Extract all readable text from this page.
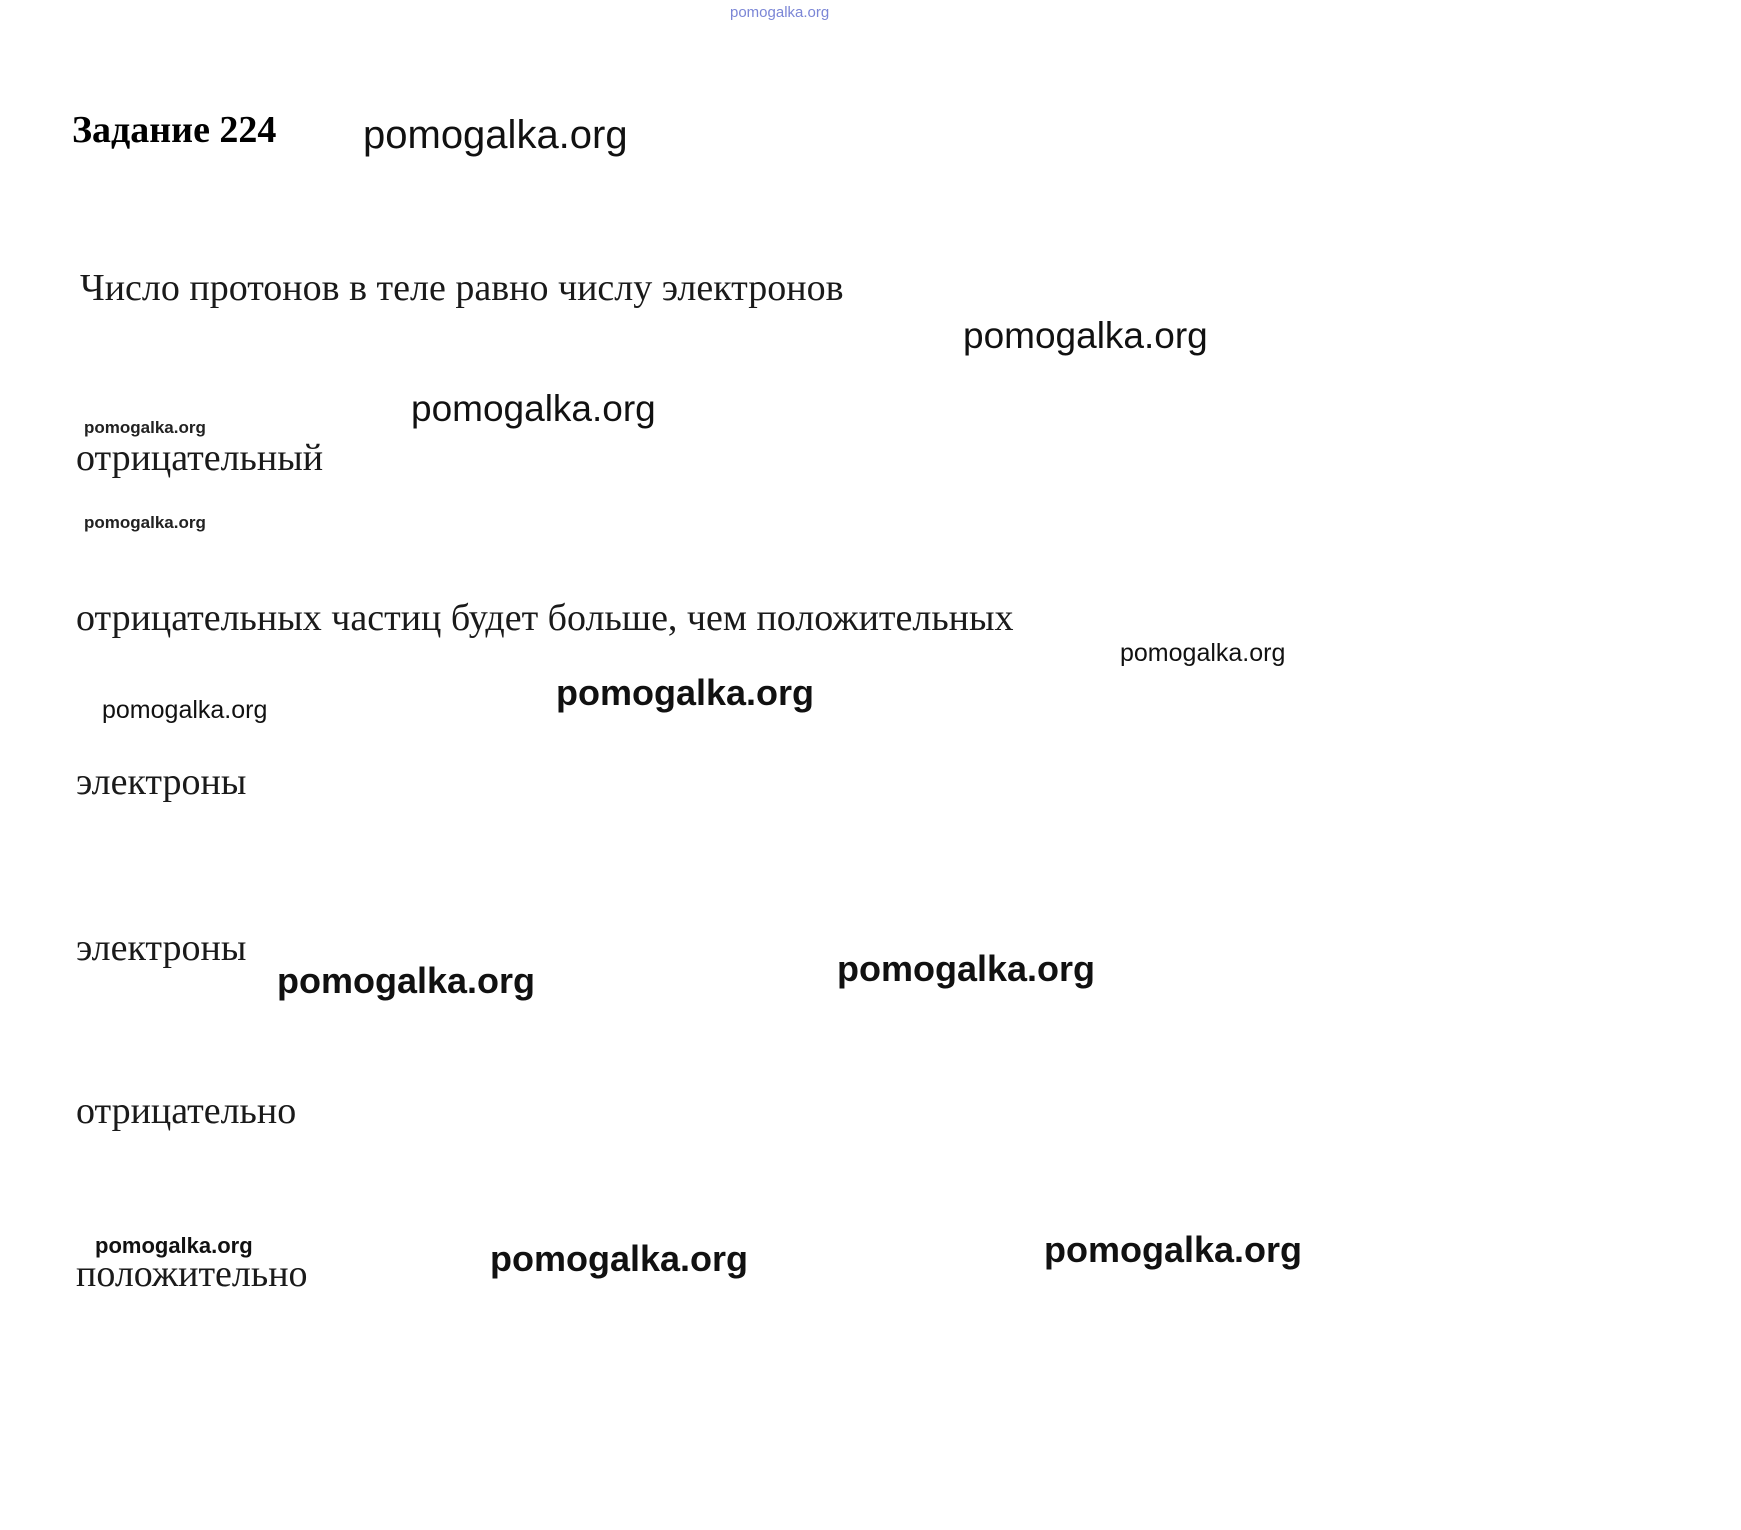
Задание 224
Число протонов в теле равно числу электронов
отрицательный
отрицательных частиц будет больше, чем положительных
электроны
электроны
отрицательно
положительно
pomogalka.org
pomogalka.org
pomogalka.org
pomogalka.org
pomogalka.org
pomogalka.org
pomogalka.org
pomogalka.org
pomogalka.org
pomogalka.org	pomogalka.org
pomogalka.org	pomogalka.org	pomogalka.org
